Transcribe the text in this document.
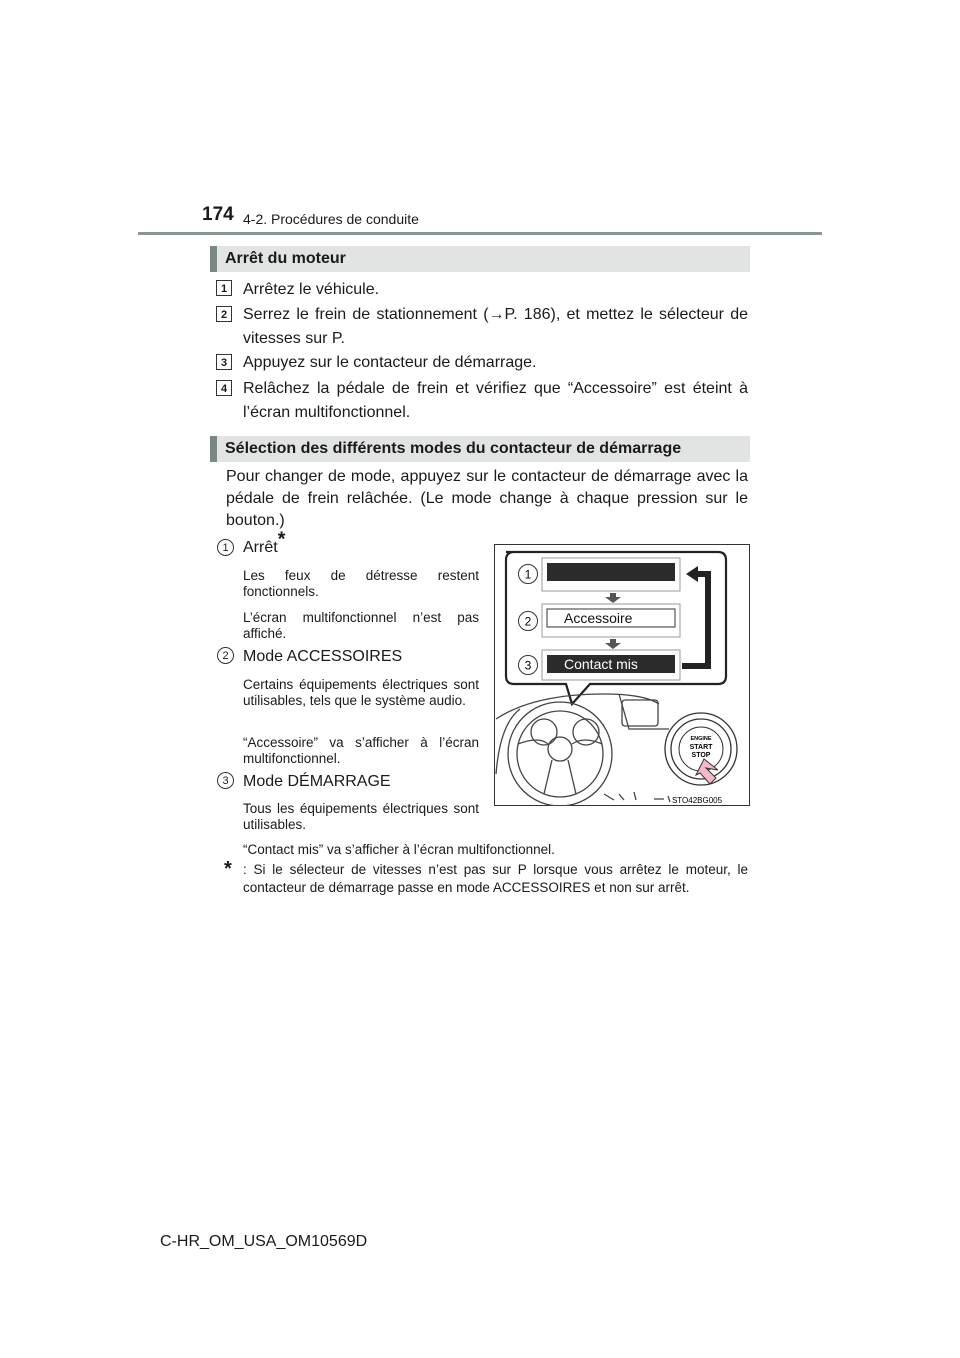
174 4-2. Procédures de conduite
Arrêt du moteur
1 Arrêtez le véhicule.
2 Serrez le frein de stationnement (→P. 186), et mettez le sélecteur de vitesses sur P.
3 Appuyez sur le contacteur de démarrage.
4 Relâchez la pédale de frein et vérifiez que “Accessoire” est éteint à l’écran multifonctionnel.
Sélection des différents modes du contacteur de démarrage
Pour changer de mode, appuyez sur le contacteur de démarrage avec la pédale de frein relâchée. (Le mode change à chaque pression sur le bouton.)
1 Arrêt*
Les feux de détresse restent fonctionnels.
L’écran multifonctionnel n’est pas affiché.
2 Mode ACCESSOIRES
Certains équipements électriques sont utilisables, tels que le système audio.
“Accessoire” va s’afficher à l’écran multifonctionnel.
3 Mode DÉMARRAGE
Tous les équipements électriques sont utilisables.
“Contact mis” va s’afficher à l’écran multifonctionnel.
* : Si le sélecteur de vitesses n’est pas sur P lorsque vous arrêtez le moteur, le contacteur de démarrage passe en mode ACCESSOIRES et non sur arrêt.
1
2 Accessoire
3 Contact mis
ENGINE
START
STOP
STO42BG005
C-HR_OM_USA_OM10569D
